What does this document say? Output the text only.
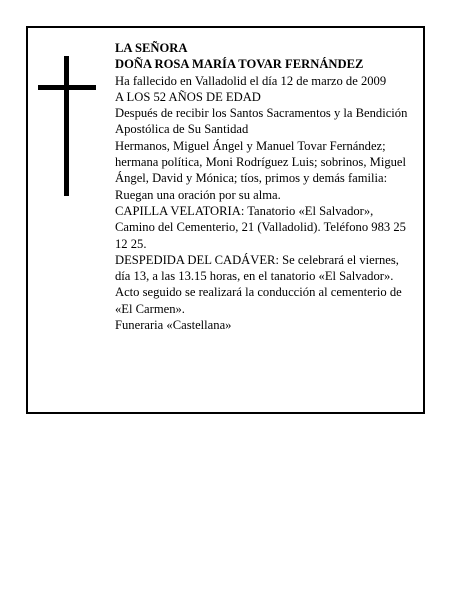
LA SEÑORA
DOÑA ROSA MARÍA TOVAR FERNÁNDEZ
Ha fallecido en Valladolid el día 12 de marzo de 2009
A LOS 52 AÑOS DE EDAD
Después de recibir los Santos Sacramentos y la Bendición Apostólica de Su Santidad
Hermanos, Miguel Ángel y Manuel Tovar Fernández; hermana política, Moni Rodríguez Luis; sobrinos, Miguel Ángel, David y Mónica; tíos, primos y demás familia:
Ruegan una oración por su alma.
CAPILLA VELATORIA: Tanatorio «El Salvador», Camino del Cementerio, 21 (Valladolid). Teléfono 983 25 12 25.
DESPEDIDA DEL CADÁVER: Se celebrará el viernes, día 13, a las 13.15 horas, en el tanatorio «El Salvador». Acto seguido se realizará la conducción al cementerio de «El Carmen».
Funeraria «Castellana»
